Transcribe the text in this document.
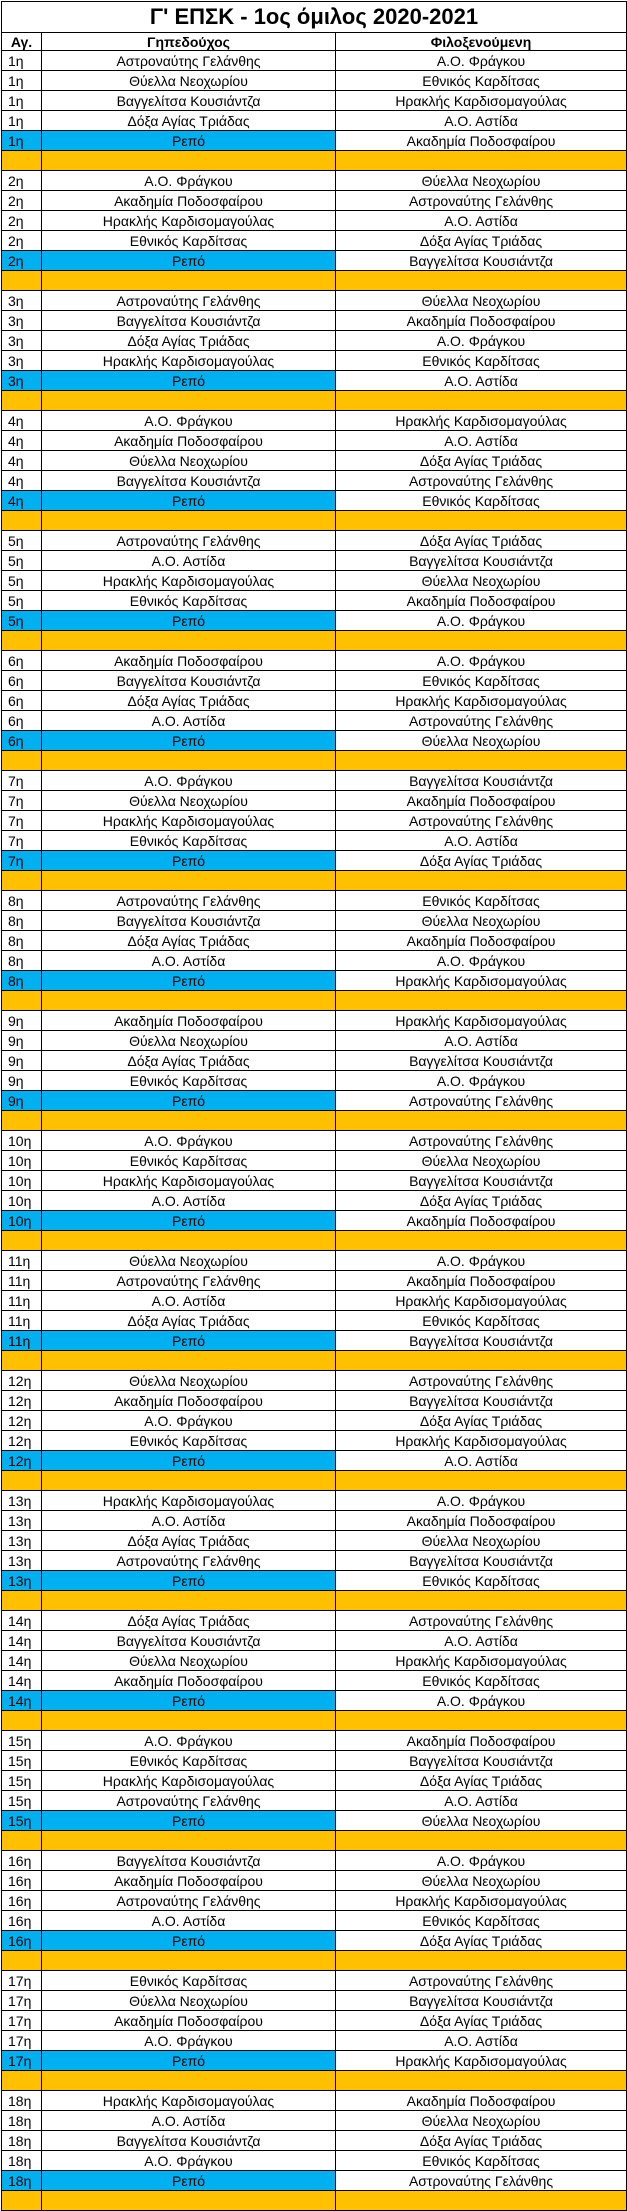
Γ' ΕΠΣΚ - 1ος όμιλος 2020-2021		
Αγ.	Γηπεδούχος	Φιλοξενούμενη
1η	Αστροναύτης Γελάνθης	Α.Ο. Φράγκου
1η	Θύελλα Νεοχωρίου	Εθνικός Καρδίτσας
1η	Βαγγελίτσα Κουσιάντζα	Ηρακλής Καρδισομαγούλας
1η	Δόξα Αγίας Τριάδας	Α.Ο. Αστίδα
1η	Ρεπό	Ακαδημία Ποδοσφαίρου

2η	Α.Ο. Φράγκου	Θύελλα Νεοχωρίου
2η	Ακαδημία Ποδοσφαίρου	Αστροναύτης Γελάνθης
2η	Ηρακλής Καρδισομαγούλας	Α.Ο. Αστίδα
2η	Εθνικός Καρδίτσας	Δόξα Αγίας Τριάδας
2η	Ρεπό	Βαγγελίτσα Κουσιάντζα

3η	Αστροναύτης Γελάνθης	Θύελλα Νεοχωρίου
3η	Βαγγελίτσα Κουσιάντζα	Ακαδημία Ποδοσφαίρου
3η	Δόξα Αγίας Τριάδας	Α.Ο. Φράγκου
3η	Ηρακλής Καρδισομαγούλας	Εθνικός Καρδίτσας
3η	Ρεπό	Α.Ο. Αστίδα

4η	Α.Ο. Φράγκου	Ηρακλής Καρδισομαγούλας
4η	Ακαδημία Ποδοσφαίρου	Α.Ο. Αστίδα
4η	Θύελλα Νεοχωρίου	Δόξα Αγίας Τριάδας
4η	Βαγγελίτσα Κουσιάντζα	Αστροναύτης Γελάνθης
4η	Ρεπό	Εθνικός Καρδίτσας

5η	Αστροναύτης Γελάνθης	Δόξα Αγίας Τριάδας
5η	Α.Ο. Αστίδα	Βαγγελίτσα Κουσιάντζα
5η	Ηρακλής Καρδισομαγούλας	Θύελλα Νεοχωρίου
5η	Εθνικός Καρδίτσας	Ακαδημία Ποδοσφαίρου
5η	Ρεπό	Α.Ο. Φράγκου

6η	Ακαδημία Ποδοσφαίρου	Α.Ο. Φράγκου
6η	Βαγγελίτσα Κουσιάντζα	Εθνικός Καρδίτσας
6η	Δόξα Αγίας Τριάδας	Ηρακλής Καρδισομαγούλας
6η	Α.Ο. Αστίδα	Αστροναύτης Γελάνθης
6η	Ρεπό	Θύελλα Νεοχωρίου

7η	Α.Ο. Φράγκου	Βαγγελίτσα Κουσιάντζα
7η	Θύελλα Νεοχωρίου	Ακαδημία Ποδοσφαίρου
7η	Ηρακλής Καρδισομαγούλας	Αστροναύτης Γελάνθης
7η	Εθνικός Καρδίτσας	Α.Ο. Αστίδα
7η	Ρεπό	Δόξα Αγίας Τριάδας

8η	Αστροναύτης Γελάνθης	Εθνικός Καρδίτσας
8η	Βαγγελίτσα Κουσιάντζα	Θύελλα Νεοχωρίου
8η	Δόξα Αγίας Τριάδας	Ακαδημία Ποδοσφαίρου
8η	Α.Ο. Αστίδα	Α.Ο. Φράγκου
8η	Ρεπό	Ηρακλής Καρδισομαγούλας

9η	Ακαδημία Ποδοσφαίρου	Ηρακλής Καρδισομαγούλας
9η	Θύελλα Νεοχωρίου	Α.Ο. Αστίδα
9η	Δόξα Αγίας Τριάδας	Βαγγελίτσα Κουσιάντζα
9η	Εθνικός Καρδίτσας	Α.Ο. Φράγκου
9η	Ρεπό	Αστροναύτης Γελάνθης

10η	Α.Ο. Φράγκου	Αστροναύτης Γελάνθης
10η	Εθνικός Καρδίτσας	Θύελλα Νεοχωρίου
10η	Ηρακλής Καρδισομαγούλας	Βαγγελίτσα Κουσιάντζα
10η	Α.Ο. Αστίδα	Δόξα Αγίας Τριάδας
10η	Ρεπό	Ακαδημία Ποδοσφαίρου

11η	Θύελλα Νεοχωρίου	Α.Ο. Φράγκου
11η	Αστροναύτης Γελάνθης	Ακαδημία Ποδοσφαίρου
11η	Α.Ο. Αστίδα	Ηρακλής Καρδισομαγούλας
11η	Δόξα Αγίας Τριάδας	Εθνικός Καρδίτσας
11η	Ρεπό	Βαγγελίτσα Κουσιάντζα

12η	Θύελλα Νεοχωρίου	Αστροναύτης Γελάνθης
12η	Ακαδημία Ποδοσφαίρου	Βαγγελίτσα Κουσιάντζα
12η	Α.Ο. Φράγκου	Δόξα Αγίας Τριάδας
12η	Εθνικός Καρδίτσας	Ηρακλής Καρδισομαγούλας
12η	Ρεπό	Α.Ο. Αστίδα

13η	Ηρακλής Καρδισομαγούλας	Α.Ο. Φράγκου
13η	Α.Ο. Αστίδα	Ακαδημία Ποδοσφαίρου
13η	Δόξα Αγίας Τριάδας	Θύελλα Νεοχωρίου
13η	Αστροναύτης Γελάνθης	Βαγγελίτσα Κουσιάντζα
13η	Ρεπό	Εθνικός Καρδίτσας

14η	Δόξα Αγίας Τριάδας	Αστροναύτης Γελάνθης
14η	Βαγγελίτσα Κουσιάντζα	Α.Ο. Αστίδα
14η	Θύελλα Νεοχωρίου	Ηρακλής Καρδισομαγούλας
14η	Ακαδημία Ποδοσφαίρου	Εθνικός Καρδίτσας
14η	Ρεπό	Α.Ο. Φράγκου

15η	Α.Ο. Φράγκου	Ακαδημία Ποδοσφαίρου
15η	Εθνικός Καρδίτσας	Βαγγελίτσα Κουσιάντζα
15η	Ηρακλής Καρδισομαγούλας	Δόξα Αγίας Τριάδας
15η	Αστροναύτης Γελάνθης	Α.Ο. Αστίδα
15η	Ρεπό	Θύελλα Νεοχωρίου

16η	Βαγγελίτσα Κουσιάντζα	Α.Ο. Φράγκου
16η	Ακαδημία Ποδοσφαίρου	Θύελλα Νεοχωρίου
16η	Αστροναύτης Γελάνθης	Ηρακλής Καρδισομαγούλας
16η	Α.Ο. Αστίδα	Εθνικός Καρδίτσας
16η	Ρεπό	Δόξα Αγίας Τριάδας

17η	Εθνικός Καρδίτσας	Αστροναύτης Γελάνθης
17η	Θύελλα Νεοχωρίου	Βαγγελίτσα Κουσιάντζα
17η	Ακαδημία Ποδοσφαίρου	Δόξα Αγίας Τριάδας
17η	Α.Ο. Φράγκου	Α.Ο. Αστίδα
17η	Ρεπό	Ηρακλής Καρδισομαγούλας

18η	Ηρακλής Καρδισομαγούλας	Ακαδημία Ποδοσφαίρου
18η	Α.Ο. Αστίδα	Θύελλα Νεοχωρίου
18η	Βαγγελίτσα Κουσιάντζα	Δόξα Αγίας Τριάδας
18η	Α.Ο. Φράγκου	Εθνικός Καρδίτσας
18η	Ρεπό	Αστροναύτης Γελάνθης
